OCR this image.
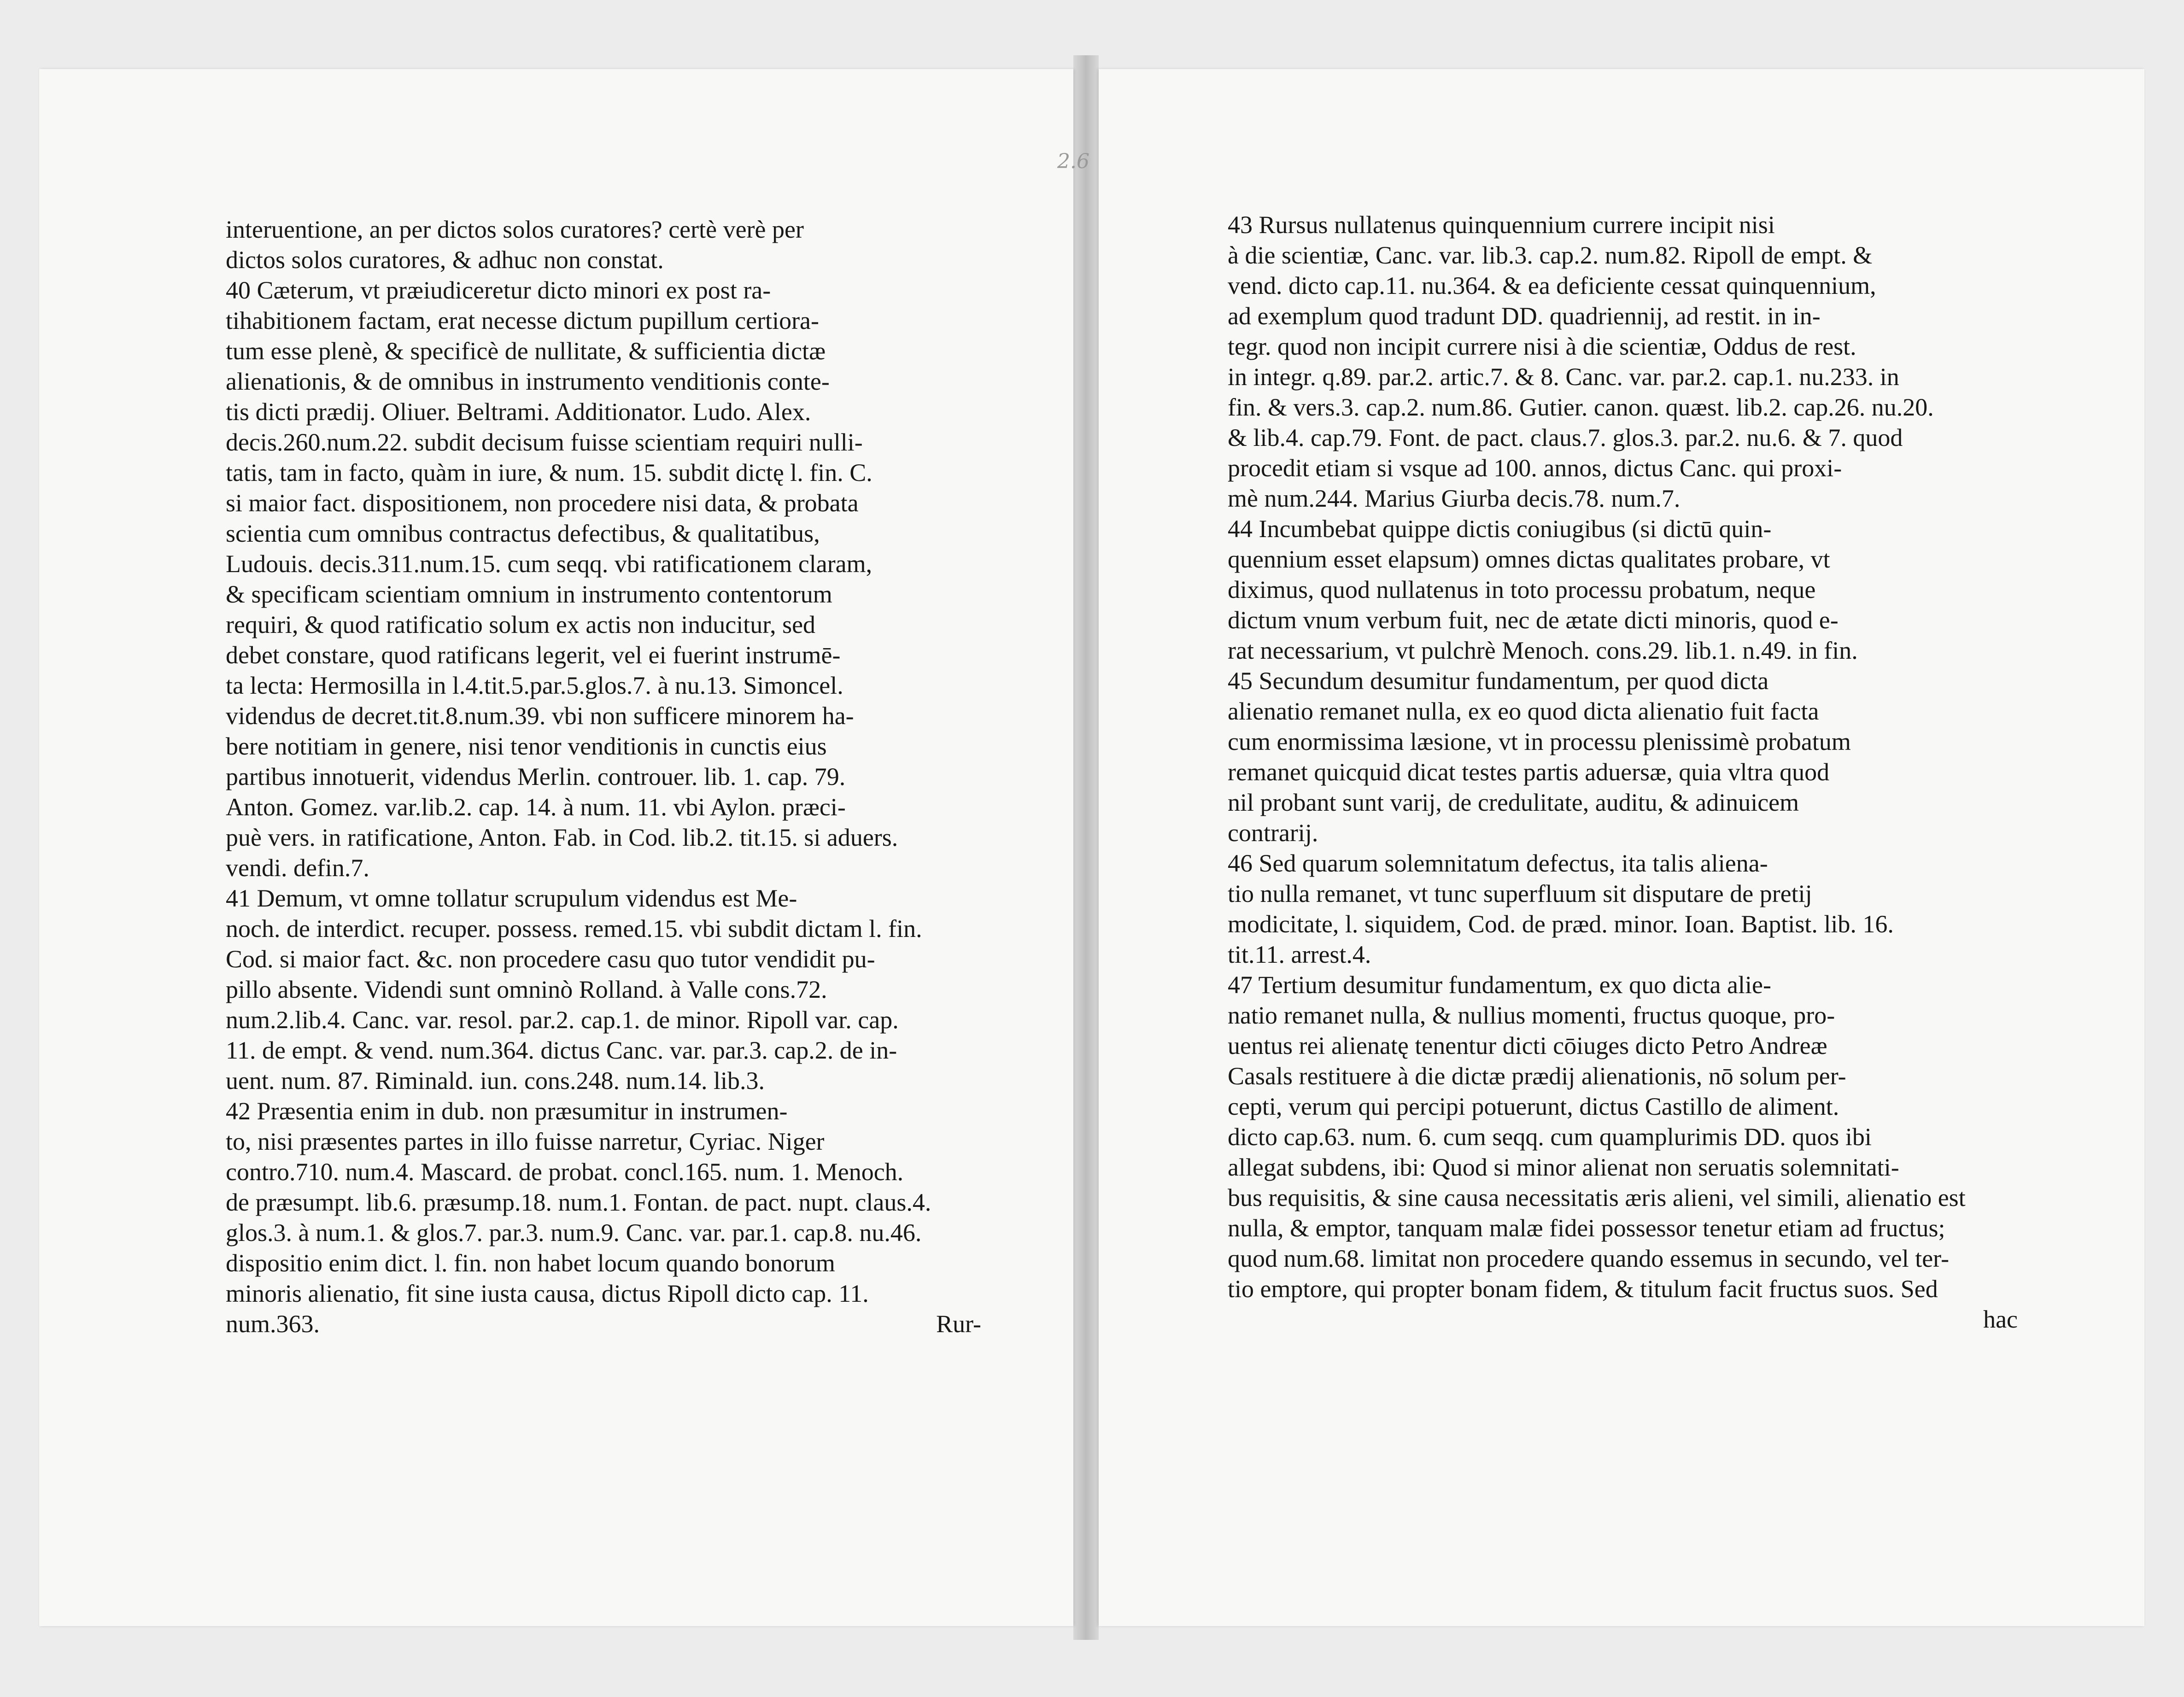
2.6
interuentione, an per dictos solos curatores? certè verè per
dictos solos curatores, & adhuc non constat.
40 Cæterum, vt præiudiceretur dicto minori ex post ra-
tihabitionem factam, erat necesse dictum pupillum certiora-
tum esse plenè, & specificè de nullitate, & sufficientia dictæ
alienationis, & de omnibus in instrumento venditionis conte-
tis dicti prædij. Oliuer. Beltrami. Additionator. Ludo. Alex.
decis.260.num.22. subdit decisum fuisse scientiam requiri nulli-
tatis, tam in facto, quàm in iure, & num. 15. subdit dictę l. fin. C.
si maior fact. dispositionem, non procedere nisi data, & probata
scientia cum omnibus contractus defectibus, & qualitatibus,
Ludouis. decis.311.num.15. cum seqq. vbi ratificationem claram,
& specificam scientiam omnium in instrumento contentorum
requiri, & quod ratificatio solum ex actis non inducitur, sed
debet constare, quod ratificans legerit, vel ei fuerint instrumē-
ta lecta: Hermosilla in l.4.tit.5.par.5.glos.7. à nu.13. Simoncel.
videndus de decret.tit.8.num.39. vbi non sufficere minorem ha-
bere notitiam in genere, nisi tenor venditionis in cunctis eius
partibus innotuerit, videndus Merlin. controuer. lib. 1. cap. 79.
Anton. Gomez. var.lib.2. cap. 14. à num. 11. vbi Aylon. præci-
puè vers. in ratificatione, Anton. Fab. in Cod. lib.2. tit.15. si aduers.
vendi. defin.7.
41 Demum, vt omne tollatur scrupulum videndus est Me-
noch. de interdict. recuper. possess. remed.15. vbi subdit dictam l. fin.
Cod. si maior fact. &c. non procedere casu quo tutor vendidit pu-
pillo absente. Videndi sunt omninò Rolland. à Valle cons.72.
num.2.lib.4. Canc. var. resol. par.2. cap.1. de minor. Ripoll var. cap.
11. de empt. & vend. num.364. dictus Canc. var. par.3. cap.2. de in-
uent. num. 87. Riminald. iun. cons.248. num.14. lib.3.
42 Præsentia enim in dub. non præsumitur in instrumen-
to, nisi præsentes partes in illo fuisse narretur, Cyriac. Niger
contro.710. num.4. Mascard. de probat. concl.165. num. 1. Menoch.
de præsumpt. lib.6. præsump.18. num.1. Fontan. de pact. nupt. claus.4.
glos.3. à num.1. & glos.7. par.3. num.9. Canc. var. par.1. cap.8. nu.46.
dispositio enim dict. l. fin. non habet locum quando bonorum
minoris alienatio, fit sine iusta causa, dictus Ripoll dicto cap. 11.
num.363.	Rur-
43 Rursus nullatenus quinquennium currere incipit nisi
à die scientiæ, Canc. var. lib.3. cap.2. num.82. Ripoll de empt. &
vend. dicto cap.11. nu.364. & ea deficiente cessat quinquennium,
ad exemplum quod tradunt DD. quadriennij, ad restit. in in-
tegr. quod non incipit currere nisi à die scientiæ, Oddus de rest.
in integr. q.89. par.2. artic.7. & 8. Canc. var. par.2. cap.1. nu.233. in
fin. & vers.3. cap.2. num.86. Gutier. canon. quæst. lib.2. cap.26. nu.20.
& lib.4. cap.79. Font. de pact. claus.7. glos.3. par.2. nu.6. & 7. quod
procedit etiam si vsque ad 100. annos, dictus Canc. qui proxi-
mè num.244. Marius Giurba decis.78. num.7.
44 Incumbebat quippe dictis coniugibus (si dictū quin-
quennium esset elapsum) omnes dictas qualitates probare, vt
diximus, quod nullatenus in toto processu probatum, neque
dictum vnum verbum fuit, nec de ætate dicti minoris, quod e-
rat necessarium, vt pulchrè Menoch. cons.29. lib.1. n.49. in fin.
45 Secundum desumitur fundamentum, per quod dicta
alienatio remanet nulla, ex eo quod dicta alienatio fuit facta
cum enormissima læsione, vt in processu plenissimè probatum
remanet quicquid dicat testes partis aduersæ, quia vltra quod
nil probant sunt varij, de credulitate, auditu, & adinuicem
contrarij.
46 Sed quarum solemnitatum defectus, ita talis aliena-
tio nulla remanet, vt tunc superfluum sit disputare de pretij
modicitate, l. siquidem, Cod. de præd. minor. Ioan. Baptist. lib. 16.
tit.11. arrest.4.
47 Tertium desumitur fundamentum, ex quo dicta alie-
natio remanet nulla, & nullius momenti, fructus quoque, pro-
uentus rei alienatę tenentur dicti cōiuges dicto Petro Andreæ
Casals restituere à die dictæ prædij alienationis, nō solum per-
cepti, verum qui percipi potuerunt, dictus Castillo de aliment.
dicto cap.63. num. 6. cum seqq. cum quamplurimis DD. quos ibi
allegat subdens, ibi: Quod si minor alienat non seruatis solemnitati-
bus requisitis, & sine causa necessitatis æris alieni, vel simili, alienatio est
nulla, & emptor, tanquam malæ fidei possessor tenetur etiam ad fructus;
quod num.68. limitat non procedere quando essemus in secundo, vel ter-
tio emptore, qui propter bonam fidem, & titulum facit fructus suos. Sed
hac
